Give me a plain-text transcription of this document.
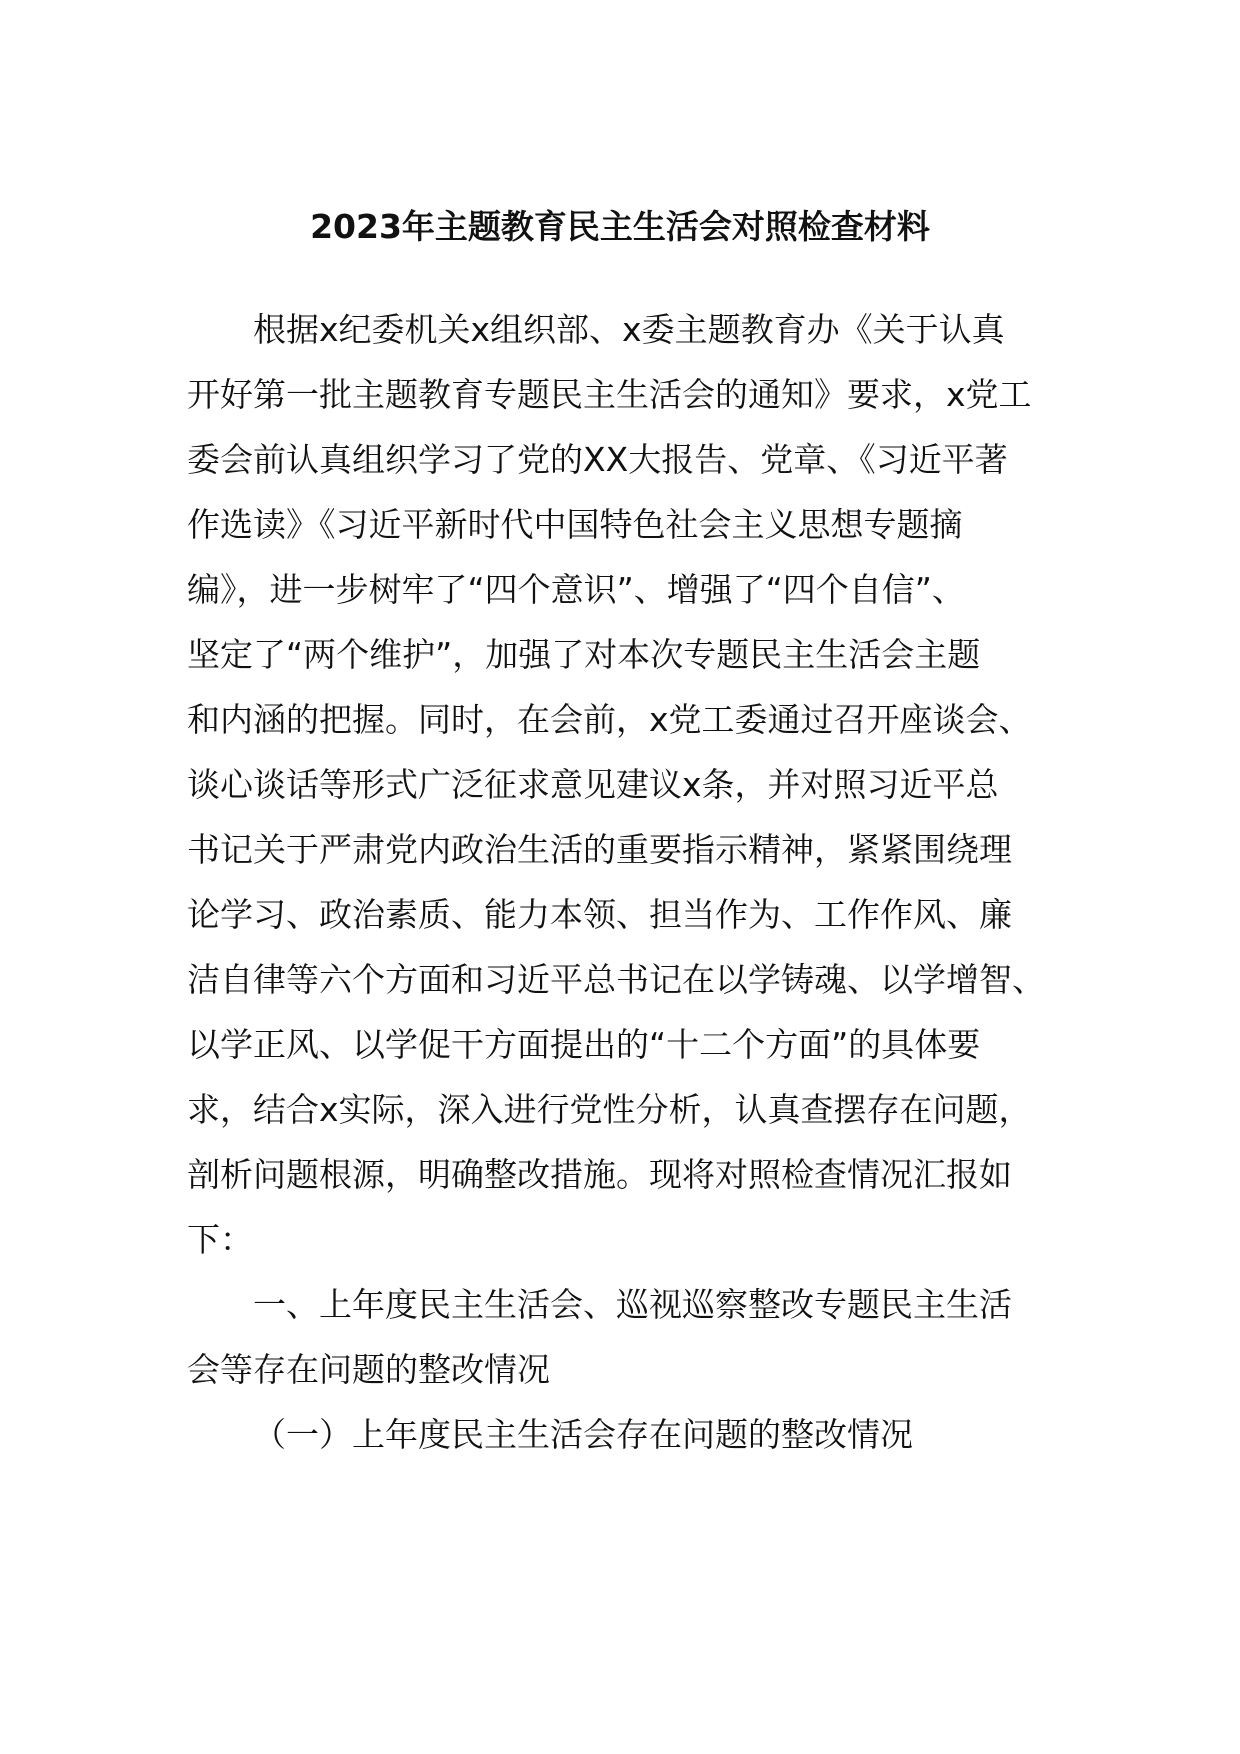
2023年主题教育民主生活会对照检查材料
根据x纪委机关x组织部、x委主题教育办《关于认真
开好第一批主题教育专题民主生活会的通知》要求，x党工
委会前认真组织学习了党的XX大报告、党章、《习近平著
作选读》《习近平新时代中国特色社会主义思想专题摘
编》，进一步树牢了“四个意识”、增强了“四个自信”、
坚定了“两个维护”，加强了对本次专题民主生活会主题
和内涵的把握。同时，在会前，x党工委通过召开座谈会、
谈心谈话等形式广泛征求意见建议x条，并对照习近平总
书记关于严肃党内政治生活的重要指示精神，紧紧围绕理
论学习、政治素质、能力本领、担当作为、工作作风、廉
洁自律等六个方面和习近平总书记在以学铸魂、以学增智、
以学正风、以学促干方面提出的“十二个方面”的具体要
求，结合x实际，深入进行党性分析，认真查摆存在问题，
剖析问题根源，明确整改措施。现将对照检查情况汇报如
下：
一、上年度民主生活会、巡视巡察整改专题民主生活
会等存在问题的整改情况
（一）上年度民主生活会存在问题的整改情况
